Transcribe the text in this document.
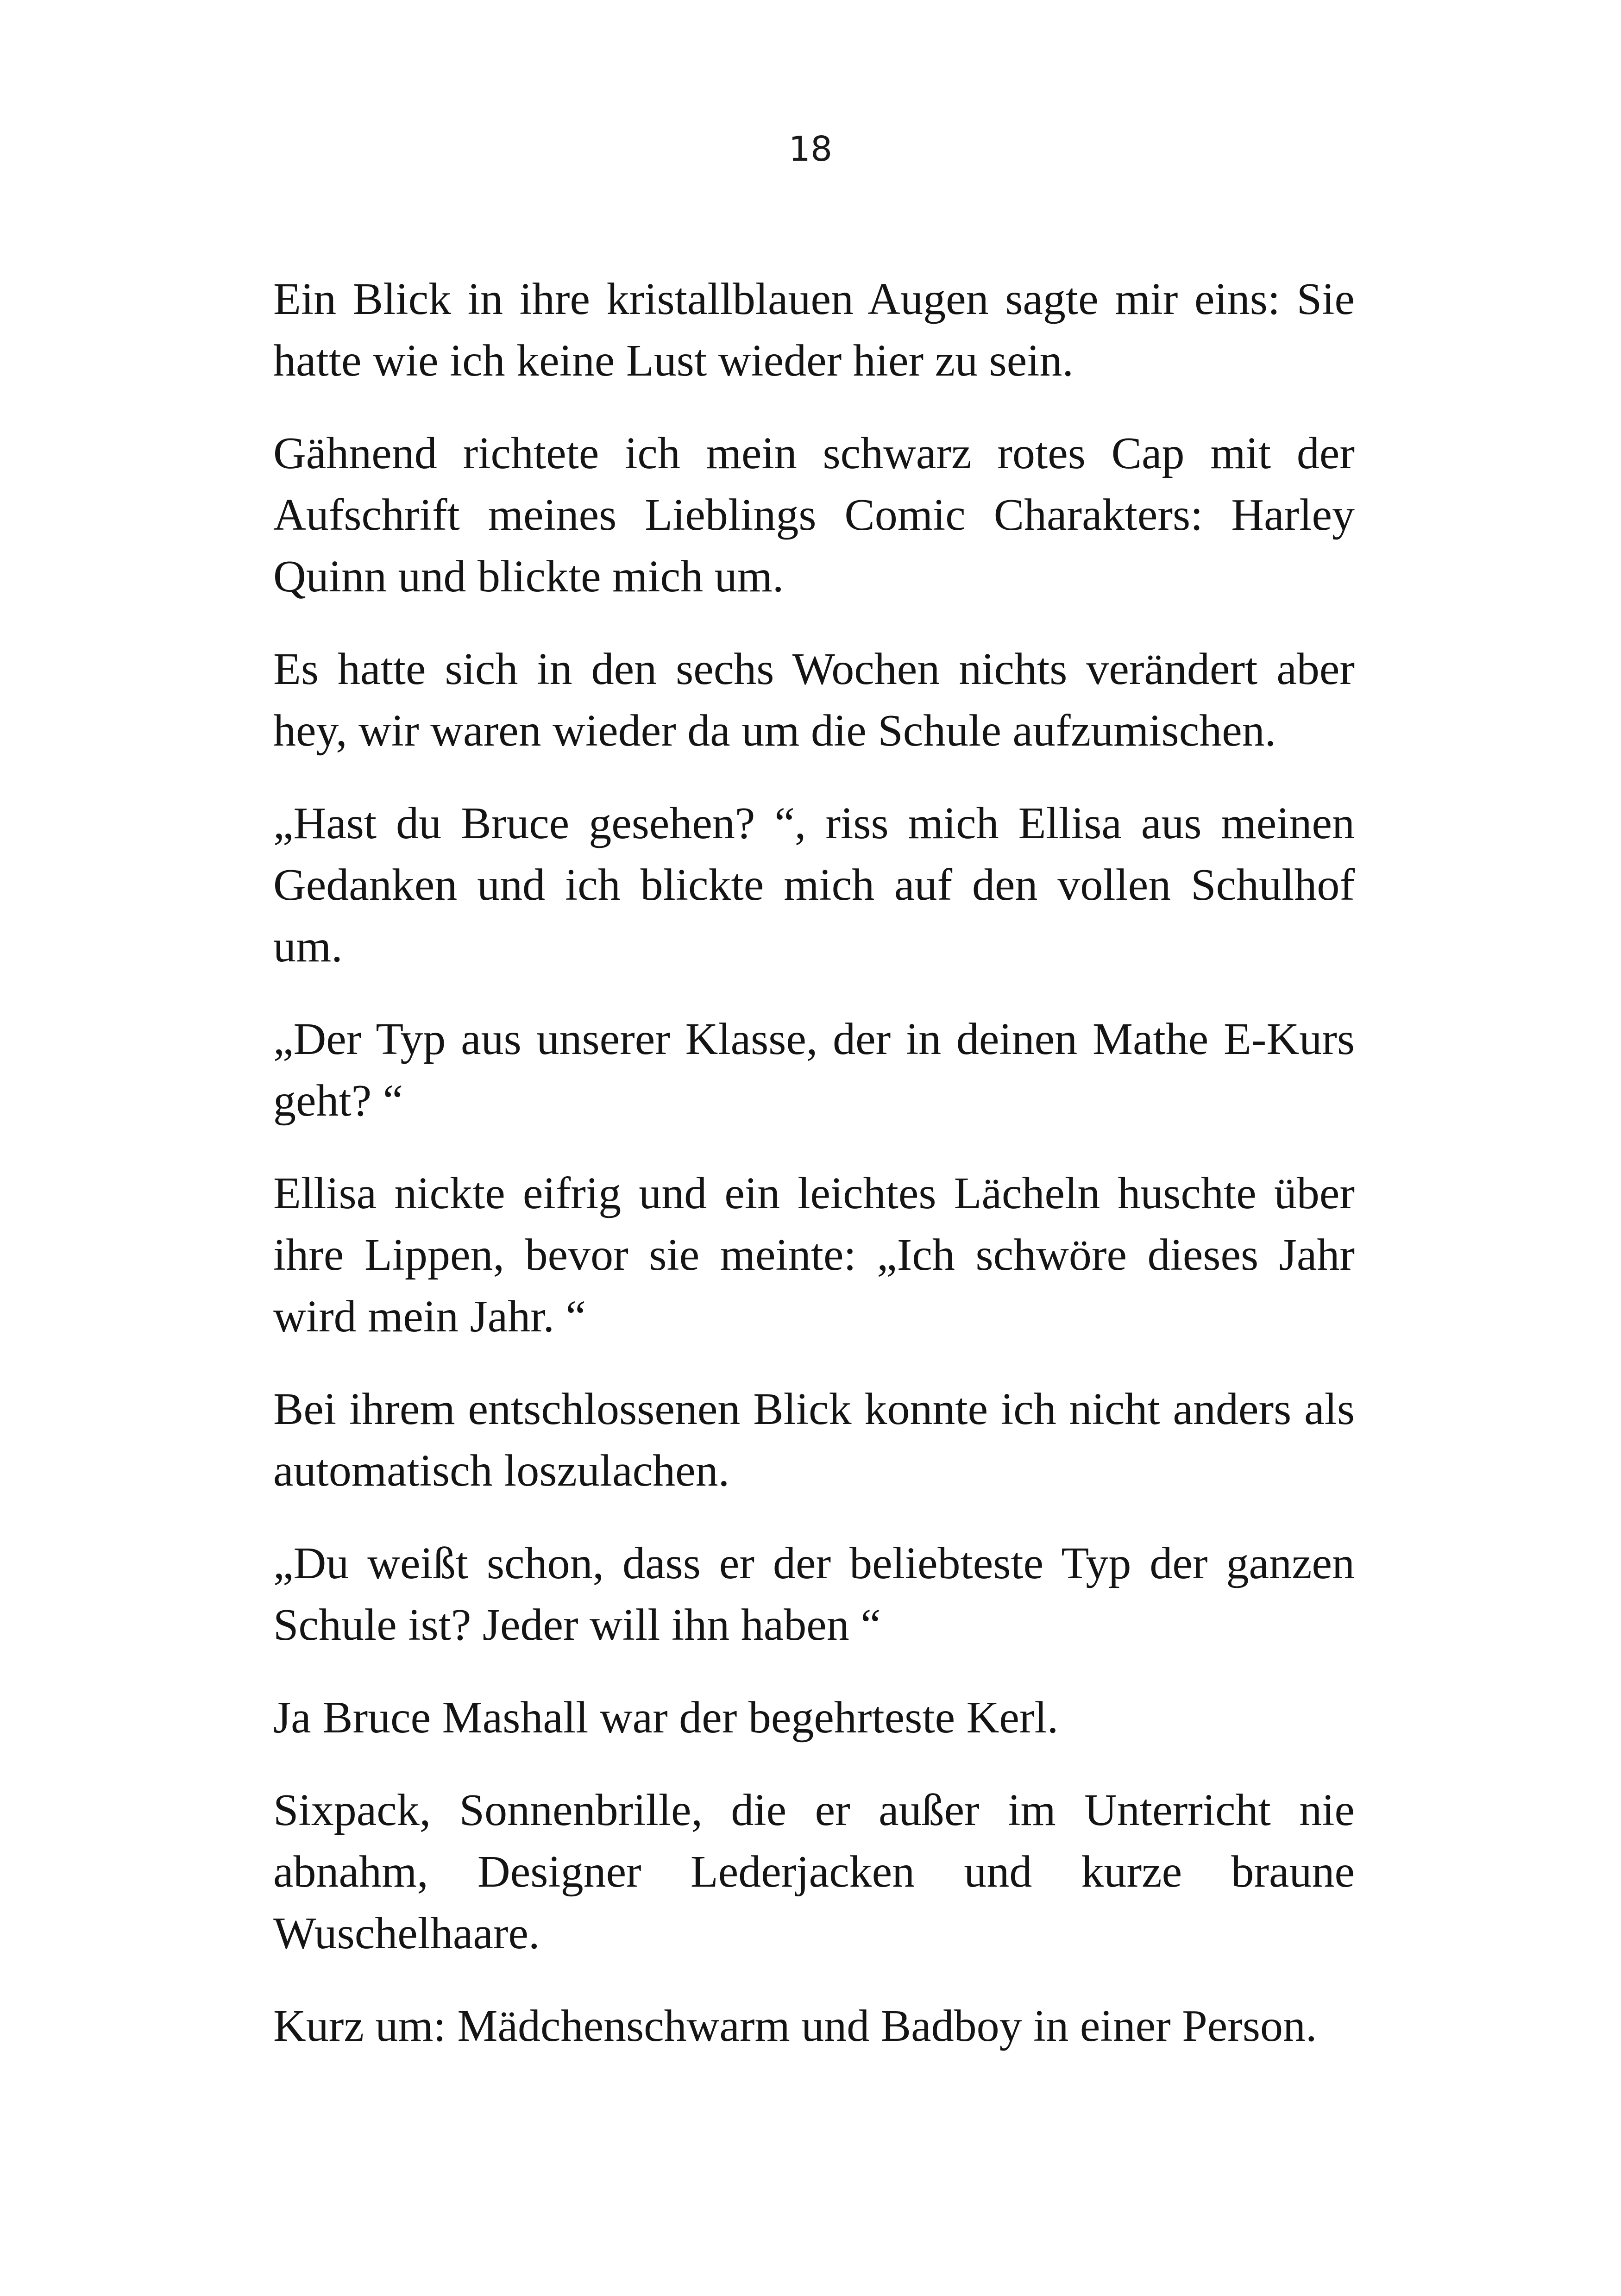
18

Ein Blick in ihre kristallblauen Augen sagte mir eins: Sie hatte wie ich keine Lust wieder hier zu sein.

Gähnend richtete ich mein schwarz rotes Cap mit der Aufschrift meines Lieblings Comic Charakters: Harley Quinn und blickte mich um.

Es hatte sich in den sechs Wochen nichts verändert aber hey, wir waren wieder da um die Schule aufzumischen.

„Hast du Bruce gesehen? “, riss mich Ellisa aus meinen Gedanken und ich blickte mich auf den vollen Schulhof um.

„Der Typ aus unserer Klasse, der in deinen Mathe E-Kurs geht? “

Ellisa nickte eifrig und ein leichtes Lächeln huschte über ihre Lippen, bevor sie meinte: „Ich schwöre dieses Jahr wird mein Jahr. “

Bei ihrem entschlossenen Blick konnte ich nicht anders als automatisch loszulachen.

„Du weißt schon, dass er der beliebteste Typ der ganzen Schule ist? Jeder will ihn haben “

Ja Bruce Mashall war der begehrteste Kerl.

Sixpack, Sonnenbrille, die er außer im Unterricht nie abnahm, Designer Lederjacken und kurze braune Wuschelhaare.

Kurz um: Mädchenschwarm und Badboy in einer Person.
